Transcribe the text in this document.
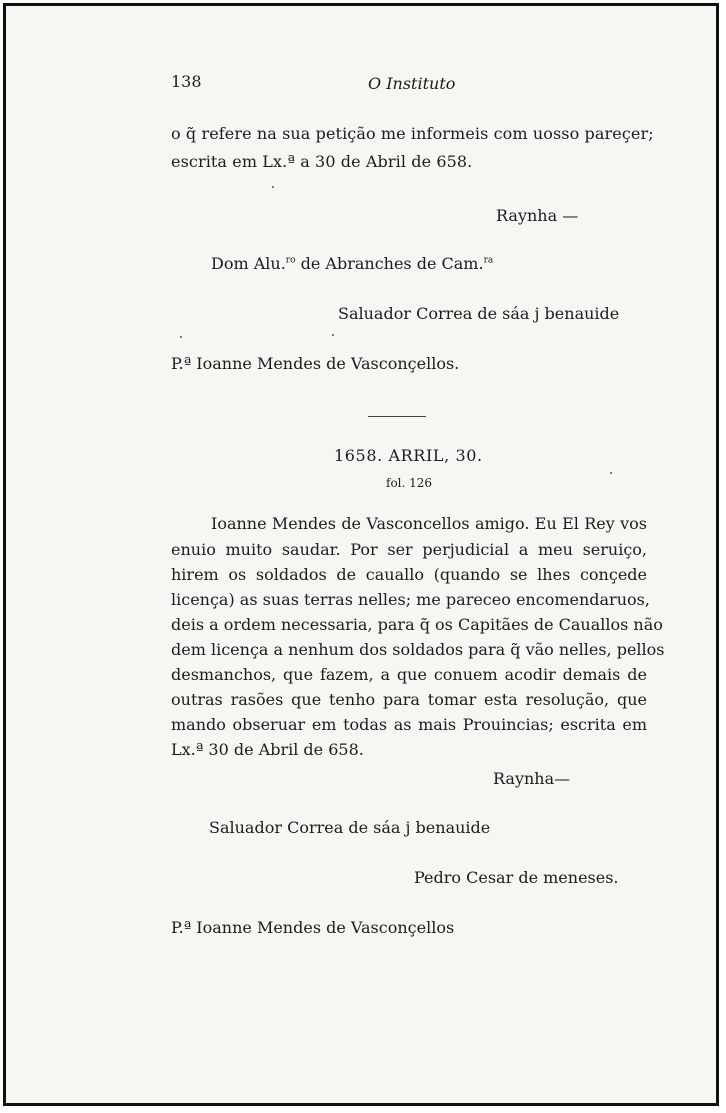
138	O Instituto
o q̃ refere na sua petição me informeis com uosso pareçer;
escrita em Lx.ª a 30 de Abril de 658.
Raynha —
Dom Alu.$^{ro}$ de Abranches de Cam.$^{ra}$
Saluador Correa de sáa j benauide
P.ª Ioanne Mendes de Vasconçellos.
1658. ARRIL, 30.
fol. 126
Ioanne Mendes de Vasconcellos amigo. Eu El Rey vos
enuio muito saudar. Por ser perjudicial a meu seruiço,
hirem os soldados de cauallo (quando se lhes conçede
licença) as suas terras nelles; me pareceo encomendaruos,
deis a ordem necessaria, para q̃ os Capitães de Cauallos não
dem licença a nenhum dos soldados para q̃ vão nelles, pellos
desmanchos, que fazem, a que conuem acodir demais de
outras rasões que tenho para tomar esta resolução, que
mando obseruar em todas as mais Prouincias; escrita em
Lx.ª 30 de Abril de 658.
Raynha—
Saluador Correa de sáa j benauide
Pedro Cesar de meneses.
P.ª Ioanne Mendes de Vasconçellos
